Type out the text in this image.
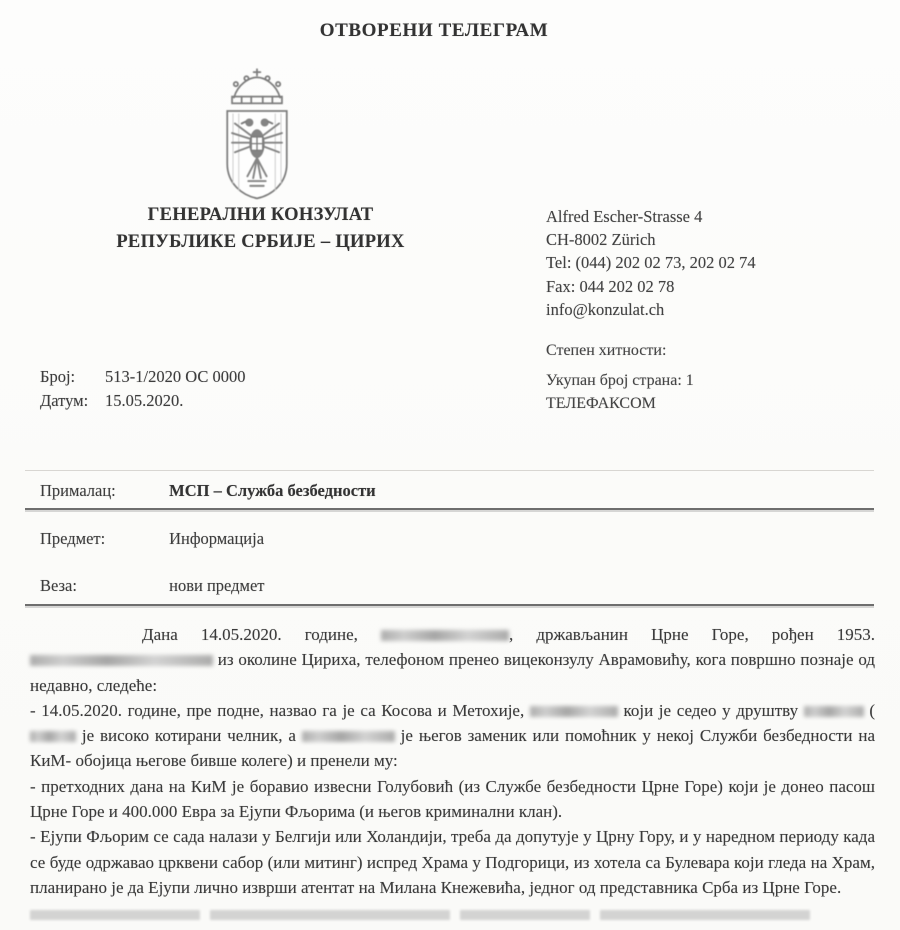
ОТВОРЕНИ ТЕЛЕГРАМ
ГЕНЕРАЛНИ КОНЗУЛАТ
РЕПУБЛИКЕ СРБИЈЕ – ЦИРИХ
Alfred Escher-Strasse 4
CH-8002 Zürich
Tel: (044) 202 02 73, 202 02 74
Fax: 044 202 02 78
info@konzulat.ch
Степен хитности:
Укупан број страна: 1
ТЕЛЕФАКСОМ
Број:	513-1/2020 ОС 0000
Датум:	15.05.2020.
Прималац:	МСП – Служба безбедности
Предмет:	Информација
Веза:	нови предмет

Дана 14.05.2020. године,	, држављанин Црне Горе, рођен 1953.  из околине Цириха, телефоном пренео вицеконзулу Аврамовићу, кога површно познаје од недавно, следеће:

- 14.05.2020. године, пре подне, назвао га је са Косова и Метохије,	који је седео у друштву	( је високо котирани челник, а	је његов заменик или помоћник у некој Служби безбедности на КиМ- обојица његове бивше колеге) и пренели му:

- претходних дана на КиМ је боравио извесни Голубовић (из Службе безбедности Црне Горе) који је донео пасош Црне Горе и 400.000 Евра за Ејупи Фљорима (и његов криминални клан).

- Ејупи Фљорим се сада налази у Белгији или Холандији, треба да допутује у Црну Гору, и у наредном периоду када се буде одржавао црквени сабор (или митинг) испред Храма у Подгорици, из хотела са Булевара који гледа на Храм, планирано је да Ејупи лично изврши атентат на Милана Кнежевића, једног од представника Срба из Црне Горе.
